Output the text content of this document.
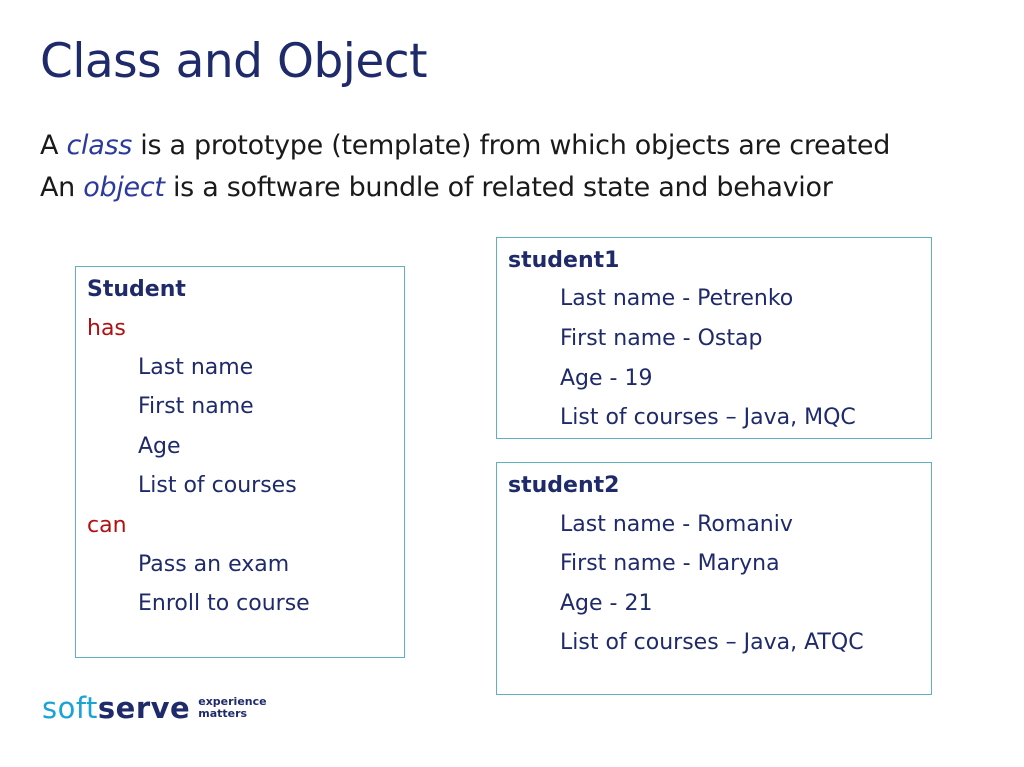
Class and Object
A class is a prototype (template) from which objects are created
An object is a software bundle of related state and behavior
Student
has
Last name
First name
Age
List of courses
can
Pass an exam
Enroll to course
student1
Last name - Petrenko
First name - Ostap
Age - 19
List of courses – Java, MQC
student2
Last name - Romaniv
First name - Maryna
Age - 21
List of courses – Java, ATQC
soft serve experience
matters
